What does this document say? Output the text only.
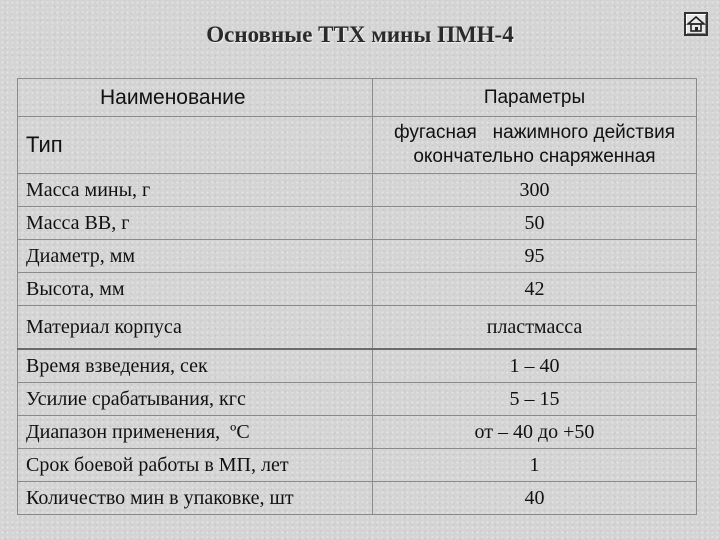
Основные ТТХ мины ПМН-4
Наименование	Параметры
Тип	фугасная   нажимного действия
окончательно снаряженная

Масса мины, г	300
Масса ВВ, г	50
Диаметр, мм	95
Высота, мм	42
Материал корпуса	пластмасса
Время взведения, сек	1 – 40
Усилие срабатывания, кгс	5 – 15
Диапазон применения,  ºС	от – 40 до +50
Срок боевой работы в МП, лет	1
Количество мин в упаковке, шт	40
